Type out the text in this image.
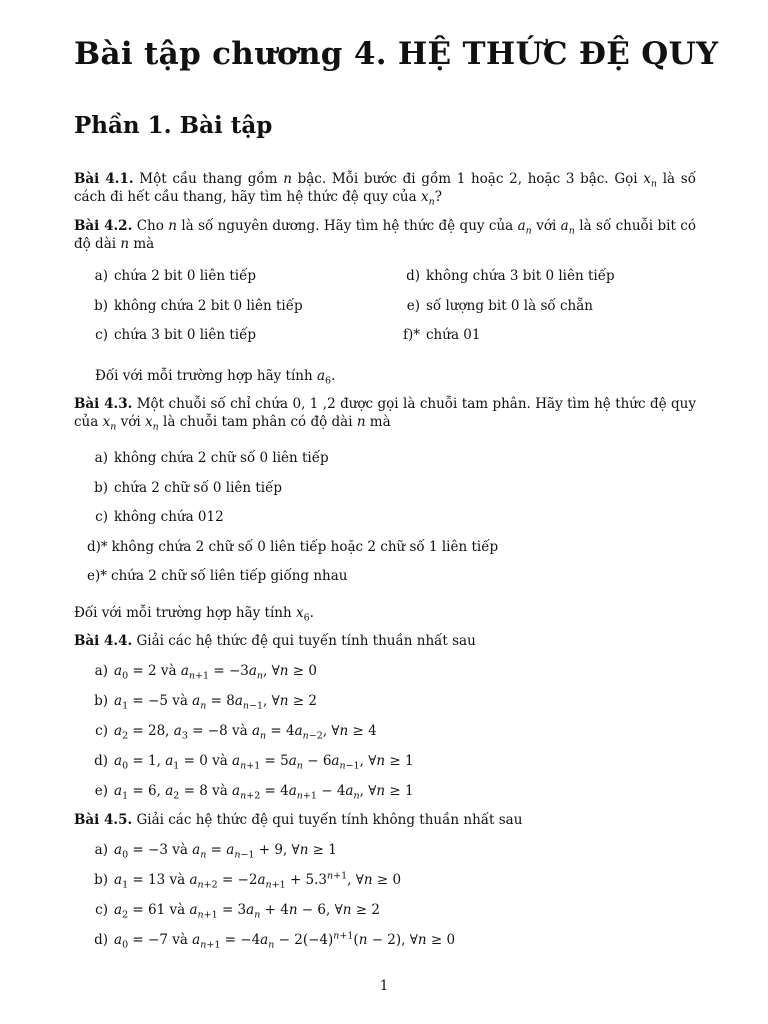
Bài tập chương 4. HỆ THỨC ĐỆ QUY
Phần 1. Bài tập
Bài 4.1. Một cầu thang gồm n bậc. Mỗi bước đi gồm 1 hoặc 2, hoặc 3 bậc. Gọi $x_n$ là số cách đi hết cầu thang, hãy tìm hệ thức đệ quy của $x_n$?
Bài 4.2. Cho n là số nguyên dương. Hãy tìm hệ thức đệ quy của $a_n$ với $a_n$ là số chuỗi bit có độ dài n mà
a) chứa 2 bit 0 liên tiếp
b) không chứa 2 bit 0 liên tiếp
c) chứa 3 bit 0 liên tiếp
d) không chứa 3 bit 0 liên tiếp
e) số lượng bit 0 là số chẵn
f)* chứa 01
Đối với mỗi trường hợp hãy tính $a_6$.
Bài 4.3. Một chuỗi số chỉ chứa 0, 1 ,2 được gọi là chuỗi tam phân. Hãy tìm hệ thức đệ quy của $x_n$ với $x_n$ là chuỗi tam phân có độ dài n mà
a) không chứa 2 chữ số 0 liên tiếp
b) chứa 2 chữ số 0 liên tiếp
c) không chứa 012
d)* không chứa 2 chữ số 0 liên tiếp hoặc 2 chữ số 1 liên tiếp
e)* chứa 2 chữ số liên tiếp giống nhau
Đối với mỗi trường hợp hãy tính $x_6$.
Bài 4.4. Giải các hệ thức đệ qui tuyến tính thuần nhất sau
a) $a_0 = 2$ và $a_{n+1} = -3a_n$, ∀n ≥ 0
b) $a_1 = -5$ và $a_n = 8a_{n-1}$, ∀n ≥ 2
c) $a_2 = 28$, $a_3 = -8$ và $a_n = 4a_{n-2}$, ∀n ≥ 4
d) $a_0 = 1$, $a_1 = 0$ và $a_{n+1} = 5a_n - 6a_{n-1}$, ∀n ≥ 1
e) $a_1 = 6$, $a_2 = 8$ và $a_{n+2} = 4a_{n+1} - 4a_n$, ∀n ≥ 1
Bài 4.5. Giải các hệ thức đệ qui tuyến tính không thuần nhất sau
a) $a_0 = -3$ và $a_n = a_{n-1} + 9$, ∀n ≥ 1
b) $a_1 = 13$ và $a_{n+2} = -2a_{n+1} + 5.3^{n+1}$, ∀n ≥ 0
c) $a_2 = 61$ và $a_{n+1} = 3a_n + 4n - 6$, ∀n ≥ 2
d) $a_0 = -7$ và $a_{n+1} = -4a_n - 2(-4)^{n+1}(n - 2)$, ∀n ≥ 0
1
